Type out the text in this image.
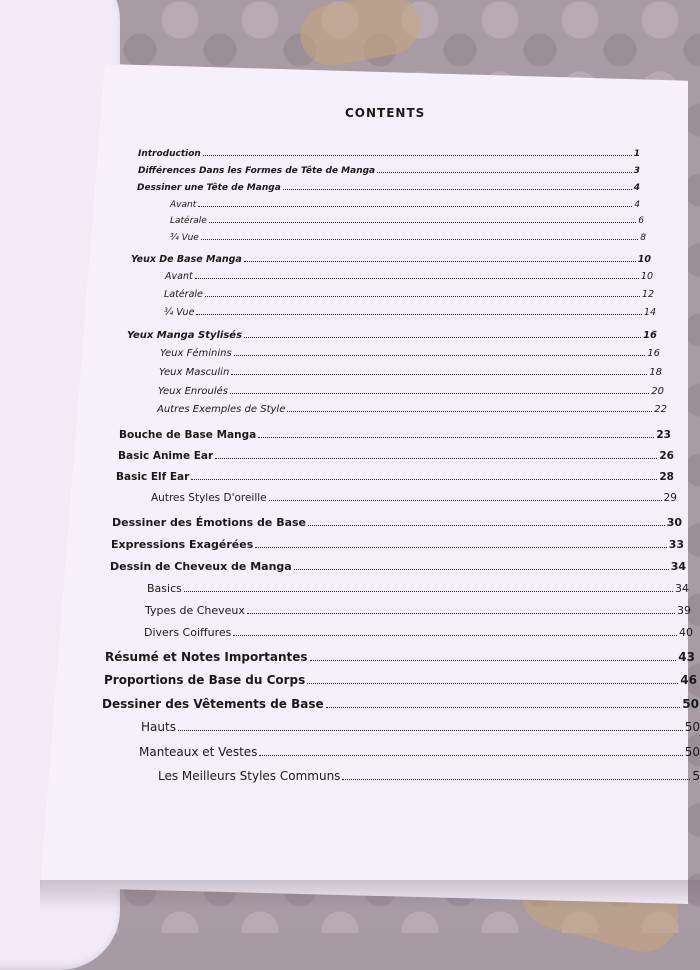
CONTENTS
Introduction	1
Différences Dans les Formes de Tête de Manga	3
Dessiner une Tête de Manga	4
Avant	4
Latérale	6
¾ Vue	8
Yeux De Base Manga	10
Avant	10
Latérale	12
¾ Vue	14
Yeux Manga Stylisés	16
Yeux Féminins	16
Yeux Masculin	18
Yeux Enroulés	20
Autres Exemples de Style	22
Bouche de Base Manga	23
Basic Anime Ear	26
Basic Elf Ear	28
Autres Styles D'oreille	29
Dessiner des Émotions de Base	30
Expressions Exagérées	33
Dessin de Cheveux de Manga	34
Basics	34
Types de Cheveux	39
Divers Coiffures	40
Résumé et Notes Importantes	43
Proportions de Base du Corps	46
Dessiner des Vêtements de Base	50
Hauts	50
Manteaux et Vestes	50
Les Meilleurs Styles Communs	5
